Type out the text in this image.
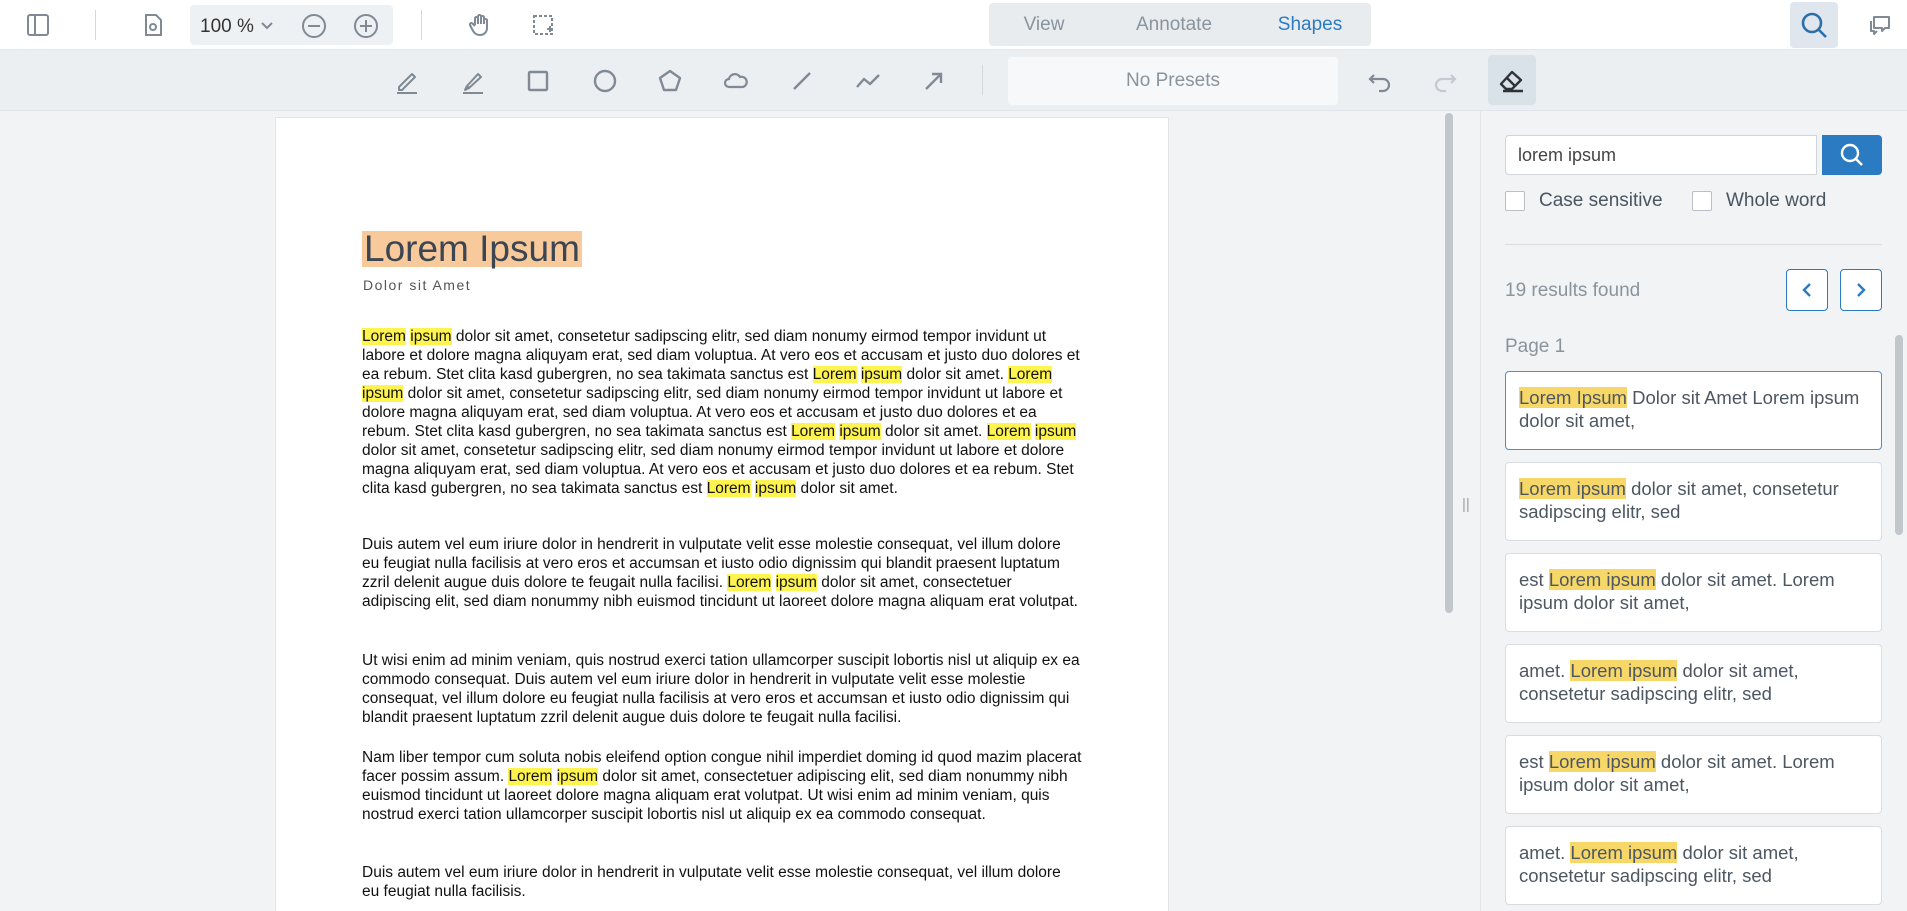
100 %	View	Annotate	Shapes
No Presets
Lorem Ipsum
Dolor sit Amet
Lorem ipsum dolor sit amet, consetetur sadipscing elitr, sed diam nonumy eirmod tempor invidunt ut labore et dolore magna aliquyam erat, sed diam voluptua. At vero eos et accusam et justo duo dolores et ea rebum. Stet clita kasd gubergren, no sea takimata sanctus est Lorem ipsum dolor sit amet. Lorem ipsum dolor sit amet, consetetur sadipscing elitr, sed diam nonumy eirmod tempor invidunt ut labore et dolore magna aliquyam erat, sed diam voluptua. At vero eos et accusam et justo duo dolores et ea rebum. Stet clita kasd gubergren, no sea takimata sanctus est Lorem ipsum dolor sit amet. Lorem ipsum dolor sit amet, consetetur sadipscing elitr, sed diam nonumy eirmod tempor invidunt ut labore et dolore magna aliquyam erat, sed diam voluptua. At vero eos et accusam et justo duo dolores et ea rebum. Stet clita kasd gubergren, no sea takimata sanctus est Lorem ipsum dolor sit amet.
Duis autem vel eum iriure dolor in hendrerit in vulputate velit esse molestie consequat, vel illum dolore eu feugiat nulla facilisis at vero eros et accumsan et iusto odio dignissim qui blandit praesent luptatum zzril delenit augue duis dolore te feugait nulla facilisi. Lorem ipsum dolor sit amet, consectetuer adipiscing elit, sed diam nonummy nibh euismod tincidunt ut laoreet dolore magna aliquam erat volutpat.
Ut wisi enim ad minim veniam, quis nostrud exerci tation ullamcorper suscipit lobortis nisl ut aliquip ex ea commodo consequat. Duis autem vel eum iriure dolor in hendrerit in vulputate velit esse molestie consequat, vel illum dolore eu feugiat nulla facilisis at vero eros et accumsan et iusto odio dignissim qui blandit praesent luptatum zzril delenit augue duis dolore te feugait nulla facilisi.
Nam liber tempor cum soluta nobis eleifend option congue nihil imperdiet doming id quod mazim placerat facer possim assum. Lorem ipsum dolor sit amet, consectetuer adipiscing elit, sed diam nonummy nibh euismod tincidunt ut laoreet dolore magna aliquam erat volutpat. Ut wisi enim ad minim veniam, quis nostrud exerci tation ullamcorper suscipit lobortis nisl ut aliquip ex ea commodo consequat.
Duis autem vel eum iriure dolor in hendrerit in vulputate velit esse molestie consequat, vel illum dolore eu feugiat nulla facilisis.
||
lorem ipsum
Case sensitive	Whole word
19 results found
Page 1
Lorem Ipsum Dolor sit Amet Lorem ipsum dolor sit amet,
Lorem ipsum dolor sit amet, consetetur sadipscing elitr, sed
est Lorem ipsum dolor sit amet. Lorem ipsum dolor sit amet,
amet. Lorem ipsum dolor sit amet, consetetur sadipscing elitr, sed
est Lorem ipsum dolor sit amet. Lorem ipsum dolor sit amet,
amet. Lorem ipsum dolor sit amet, consetetur sadipscing elitr, sed
